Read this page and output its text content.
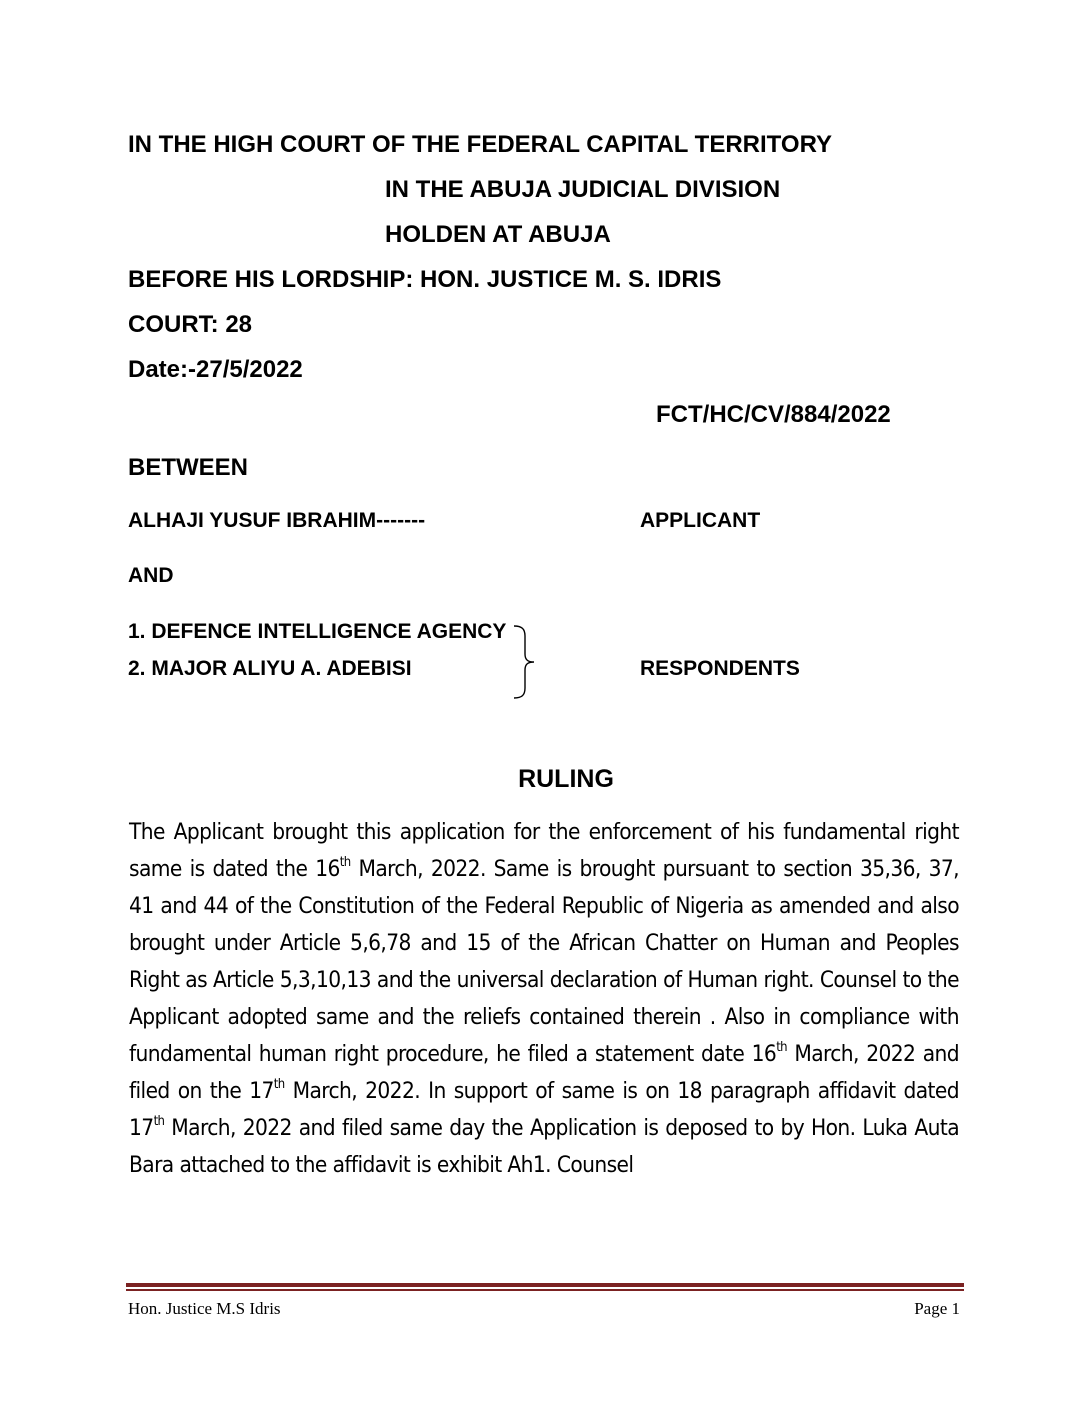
IN THE HIGH COURT OF THE FEDERAL CAPITAL TERRITORY
IN THE ABUJA JUDICIAL DIVISION
HOLDEN AT ABUJA
BEFORE HIS LORDSHIP: HON. JUSTICE M. S. IDRIS
COURT: 28
Date:-27/5/2022
FCT/HC/CV/884/2022
BETWEEN
ALHAJI YUSUF IBRAHIM-------	APPLICANT
AND
1. DEFENCE INTELLIGENCE AGENCY
2. MAJOR ALIYU A. ADEBISI	RESPONDENTS
RULING
The Applicant brought this application for the enforcement of his fundamental right same is dated the 16th March, 2022. Same is brought pursuant to section 35,36, 37, 41 and 44 of the Constitution of the Federal Republic of Nigeria as amended and also brought under Article 5,6,78 and 15 of the African Chatter on Human and Peoples Right as Article 5,3,10,13 and the universal declaration of Human right. Counsel to the Applicant adopted same and the reliefs contained therein . Also in compliance with fundamental human right procedure, he filed a statement date 16th March, 2022 and filed on the 17th March, 2022. In support of same is on 18 paragraph affidavit dated 17th March, 2022 and filed same day the Application is deposed to by Hon. Luka Auta Bara attached to the affidavit is exhibit Ah1. Counsel
Hon. Justice M.S Idris	Page 1
